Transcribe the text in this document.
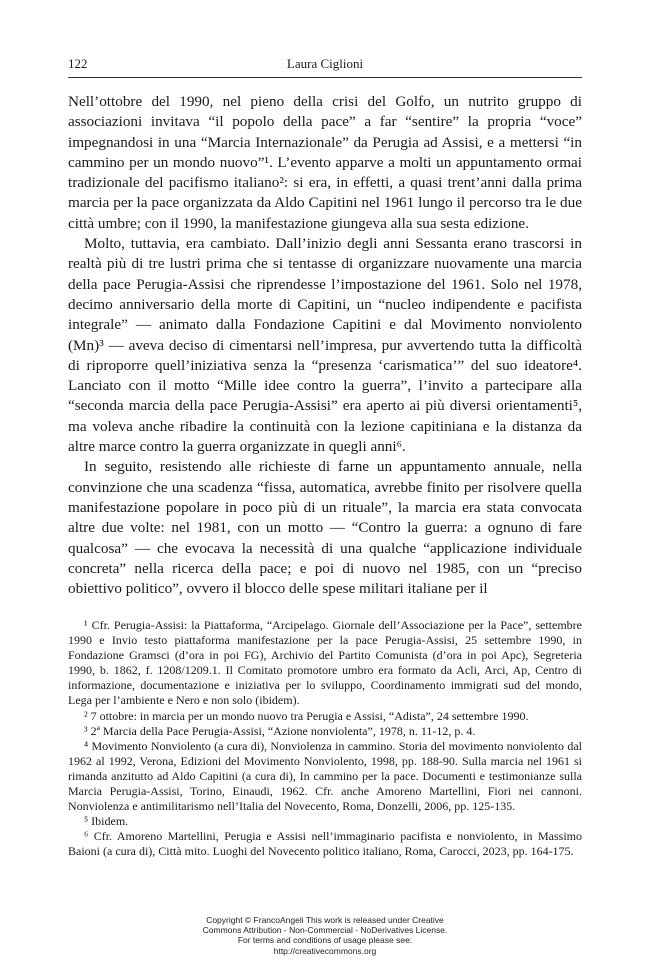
122	Laura Ciglioni

Nell’ottobre del 1990, nel pieno della crisi del Golfo, un nutrito gruppo di associazioni invitava “il popolo della pace” a far “sentire” la propria “voce” impegnandosi in una “Marcia Internazionale” da Perugia ad Assisi, e a mettersi “in cammino per un mondo nuovo”¹. L’evento apparve a molti un appuntamento ormai tradizionale del pacifismo italiano²: si era, in effetti, a quasi trent’anni dalla prima marcia per la pace organizzata da Aldo Capitini nel 1961 lungo il percorso tra le due città umbre; con il 1990, la manifestazione giungeva alla sua sesta edizione.

Molto, tuttavia, era cambiato. Dall’inizio degli anni Sessanta erano trascorsi in realtà più di tre lustri prima che si tentasse di organizzare nuovamente una marcia della pace Perugia-Assisi che riprendesse l’impostazione del 1961. Solo nel 1978, decimo anniversario della morte di Capitini, un “nucleo indipendente e pacifista integrale” — animato dalla Fondazione Capitini e dal Movimento nonviolento (Mn)³ — aveva deciso di cimentarsi nell’impresa, pur avvertendo tutta la difficoltà di riproporre quell’iniziativa senza la “presenza ‘carismatica’” del suo ideatore⁴. Lanciato con il motto “Mille idee contro la guerra”, l’invito a partecipare alla “seconda marcia della pace Perugia-Assisi” era aperto ai più diversi orientamenti⁵, ma voleva anche ribadire la continuità con la lezione capitiniana e la distanza da altre marce contro la guerra organizzate in quegli anni⁶.

In seguito, resistendo alle richieste di farne un appuntamento annuale, nella convinzione che una scadenza “fissa, automatica, avrebbe finito per risolvere quella manifestazione popolare in poco più di un rituale”, la marcia era stata convocata altre due volte: nel 1981, con un motto — “Contro la guerra: a ognuno di fare qualcosa” — che evocava la necessità di una qualche “applicazione individuale concreta” nella ricerca della pace; e poi di nuovo nel 1985, con un “preciso obiettivo politico”, ovvero il blocco delle spese militari italiane per il

¹ Cfr. Perugia-Assisi: la Piattaforma, “Arcipelago. Giornale dell’Associazione per la Pace”, settembre 1990 e Invio testo piattaforma manifestazione per la pace Perugia-Assisi, 25 settembre 1990, in Fondazione Gramsci (d’ora in poi FG), Archivio del Partito Comunista (d’ora in poi Apc), Segreteria 1990, b. 1862, f. 1208/1209.1. Il Comitato promotore umbro era formato da Acli, Arci, Ap, Centro di informazione, documentazione e iniziativa per lo sviluppo, Coordinamento immigrati sud del mondo, Lega per l’ambiente e Nero e non solo (ibidem).

² 7 ottobre: in marcia per un mondo nuovo tra Perugia e Assisi, “Adista”, 24 settembre 1990.

³ 2ª Marcia della Pace Perugia-Assisi, “Azione nonviolenta”, 1978, n. 11-12, p. 4.

⁴ Movimento Nonviolento (a cura di), Nonviolenza in cammino. Storia del movimento nonviolento dal 1962 al 1992, Verona, Edizioni del Movimento Nonviolento, 1998, pp. 188-90. Sulla marcia nel 1961 si rimanda anzitutto ad Aldo Capitini (a cura di), In cammino per la pace. Documenti e testimonianze sulla Marcia Perugia-Assisi, Torino, Einaudi, 1962. Cfr. anche Amoreno Martellini, Fiori nei cannoni. Nonviolenza e antimilitarismo nell’Italia del Novecento, Roma, Donzelli, 2006, pp. 125-135.

⁵ Ibidem.

⁶ Cfr. Amoreno Martellini, Perugia e Assisi nell’immaginario pacifista e nonviolento, in Massimo Baioni (a cura di), Città mito. Luoghi del Novecento politico italiano, Roma, Carocci, 2023, pp. 164-175.

Copyright © FrancoAngeli This work is released under Creative
Commons Attribution - Non-Commercial - NoDerivatives License.
For terms and conditions of usage please see:
http://creativecommons.org
